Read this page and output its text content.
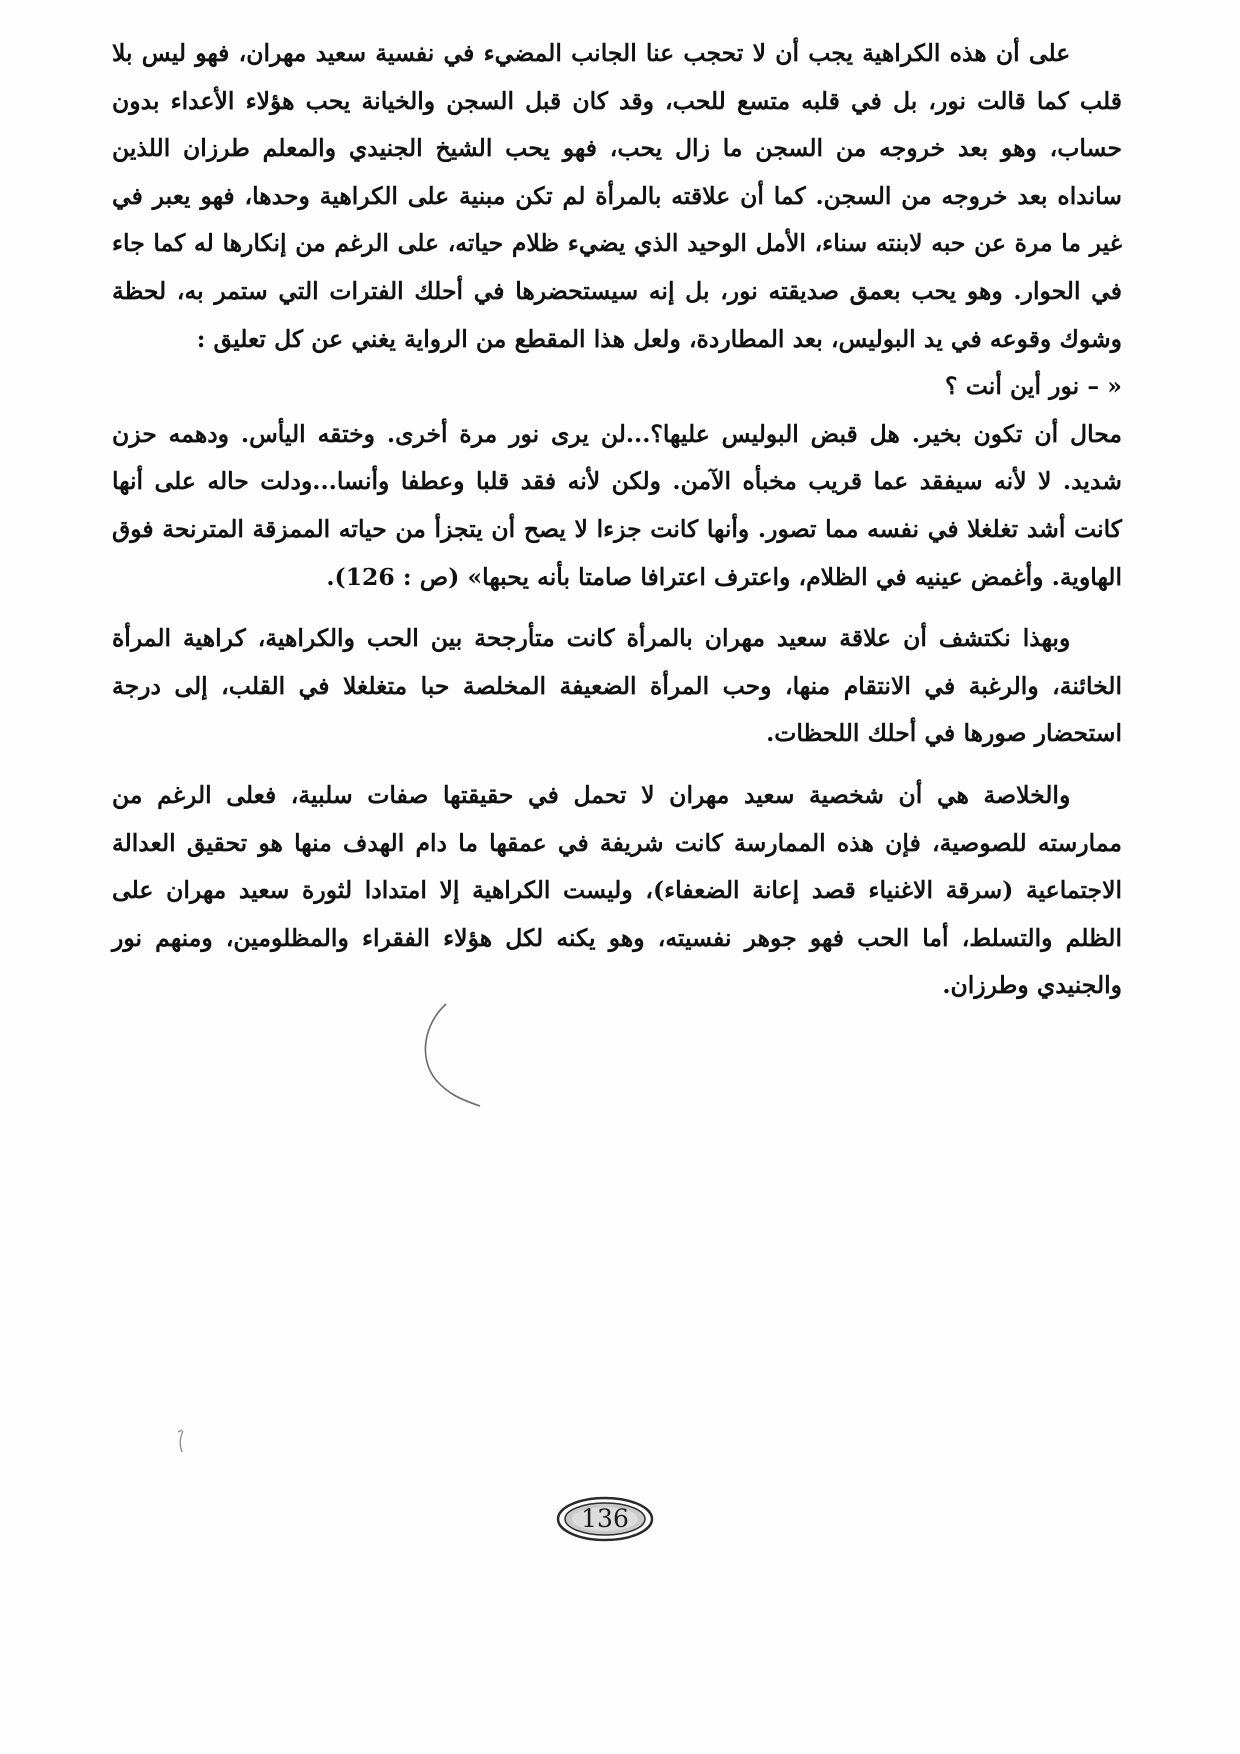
على أن هذه الكراهية يجب أن لا تحجب عنا الجانب المضيء في نفسية سعيد مهران، فهو ليس بلا قلب كما قالت نور، بل في قلبه متسع للحب، وقد كان قبل السجن والخيانة يحب هؤلاء الأعداء بدون حساب، وهو بعد خروجه من السجن ما زال يحب، فهو يحب الشيخ الجنيدي والمعلم طرزان اللذين سانداه بعد خروجه من السجن. كما أن علاقته بالمرأة لم تكن مبنية على الكراهية وحدها، فهو يعبر في غير ما مرة عن حبه لابنته سناء، الأمل الوحيد الذي يضيء ظلام حياته، على الرغم من إنكارها له كما جاء في الحوار. وهو يحب بعمق صديقته نور، بل إنه سيستحضرها في أحلك الفترات التي ستمر به، لحظة وشوك وقوعه في يد البوليس، بعد المطاردة، ولعل هذا المقطع من الرواية يغني عن كل تعليق :

« – نور أين أنت ؟

محال أن تكون بخير. هل قبض البوليس عليها؟...لن يرى نور مرة أخرى. وختقه اليأس. ودهمه حزن شديد. لا لأنه سيفقد عما قريب مخبأه الآمن. ولكن لأنه فقد قلبا وعطفا وأنسا...ودلت حاله على أنها كانت أشد تغلغلا في نفسه مما تصور. وأنها كانت جزءا لا يصح أن يتجزأ من حياته الممزقة المترنحة فوق الهاوية. وأغمض عينيه في الظلام، واعترف اعترافا صامتا بأنه يحبها» (ص : 126).

وبهذا نكتشف أن علاقة سعيد مهران بالمرأة كانت متأرجحة بين الحب والكراهية، كراهية المرأة الخائنة، والرغبة في الانتقام منها، وحب المرأة الضعيفة المخلصة حبا متغلغلا في القلب، إلى درجة استحضار صورها في أحلك اللحظات.

والخلاصة هي أن شخصية سعيد مهران لا تحمل في حقيقتها صفات سلبية، فعلى الرغم من ممارسته للصوصية، فإن هذه الممارسة كانت شريفة في عمقها ما دام الهدف منها هو تحقيق العدالة الاجتماعية (سرقة الاغنياء قصد إعانة الضعفاء)، وليست الكراهية إلا امتدادا لثورة سعيد مهران على الظلم والتسلط، أما الحب فهو جوهر نفسيته، وهو يكنه لكل هؤلاء الفقراء والمظلومين، ومنهم نور والجنيدي وطرزان.

136
